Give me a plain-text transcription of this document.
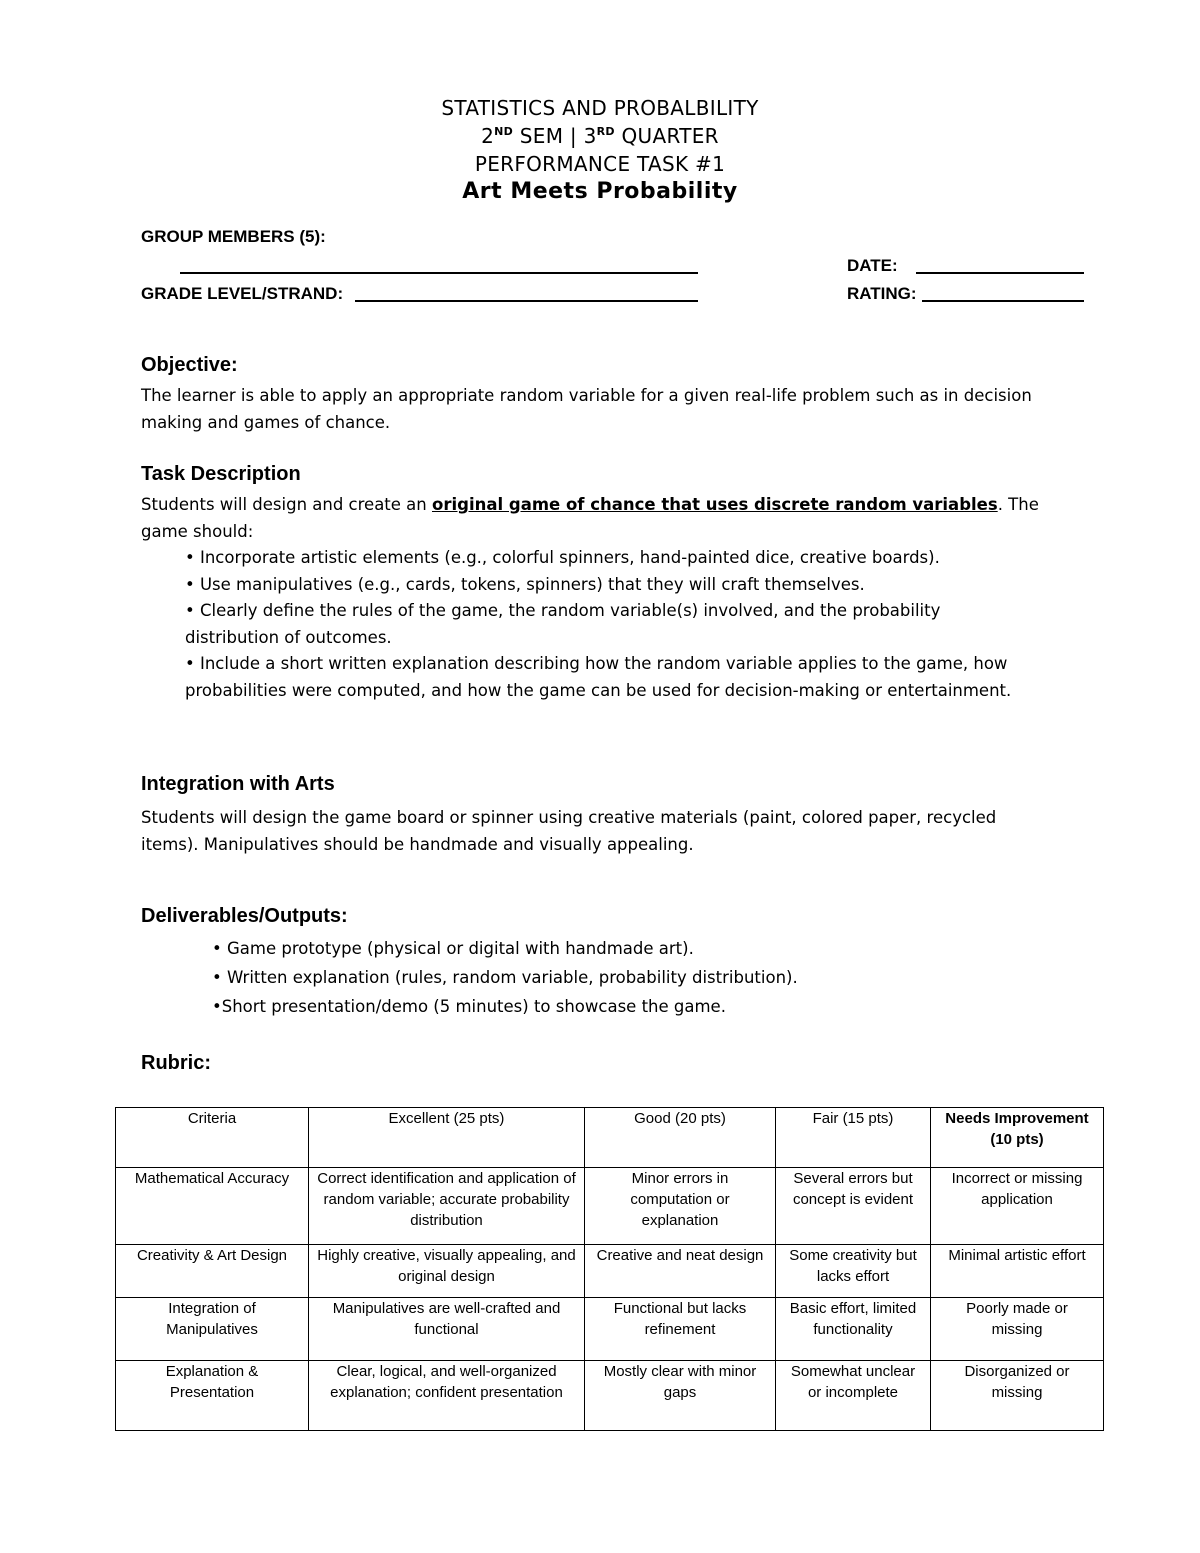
STATISTICS AND PROBALBILITY
2ND SEM | 3RD QUARTER
PERFORMANCE TASK #1
Art Meets Probability
GROUP MEMBERS (5):
DATE:
GRADE LEVEL/STRAND:	RATING:
Objective:
The learner is able to apply an appropriate random variable for a given real-life problem such as in decision making and games of chance.
Task Description
Students will design and create an original game of chance that uses discrete random variables. The game should:
• Incorporate artistic elements (e.g., colorful spinners, hand-painted dice, creative boards).
• Use manipulatives (e.g., cards, tokens, spinners) that they will craft themselves.
• Clearly define the rules of the game, the random variable(s) involved, and the probability distribution of outcomes.
• Include a short written explanation describing how the random variable applies to the game, how probabilities were computed, and how the game can be used for decision-making or entertainment.
Integration with Arts
Students will design the game board or spinner using creative materials (paint, colored paper, recycled items). Manipulatives should be handmade and visually appealing.
Deliverables/Outputs:
• Game prototype (physical or digital with handmade art).
• Written explanation (rules, random variable, probability distribution).
•Short presentation/demo (5 minutes) to showcase the game.
Rubric:
Criteria	Excellent (25 pts)	Good (20 pts)	Fair (15 pts)	Needs Improvement (10 pts)
Mathematical Accuracy	Correct identification and application of random variable; accurate probability distribution	Minor errors in computation or explanation	Several errors but concept is evident	Incorrect or missing application
Creativity & Art Design	Highly creative, visually appealing, and original design	Creative and neat design	Some creativity but lacks effort	Minimal artistic effort
Integration of Manipulatives	Manipulatives are well-crafted and functional	Functional but lacks refinement	Basic effort, limited functionality	Poorly made or missing
Explanation & Presentation	Clear, logical, and well-organized explanation; confident presentation	Mostly clear with minor gaps	Somewhat unclear or incomplete	Disorganized or missing
